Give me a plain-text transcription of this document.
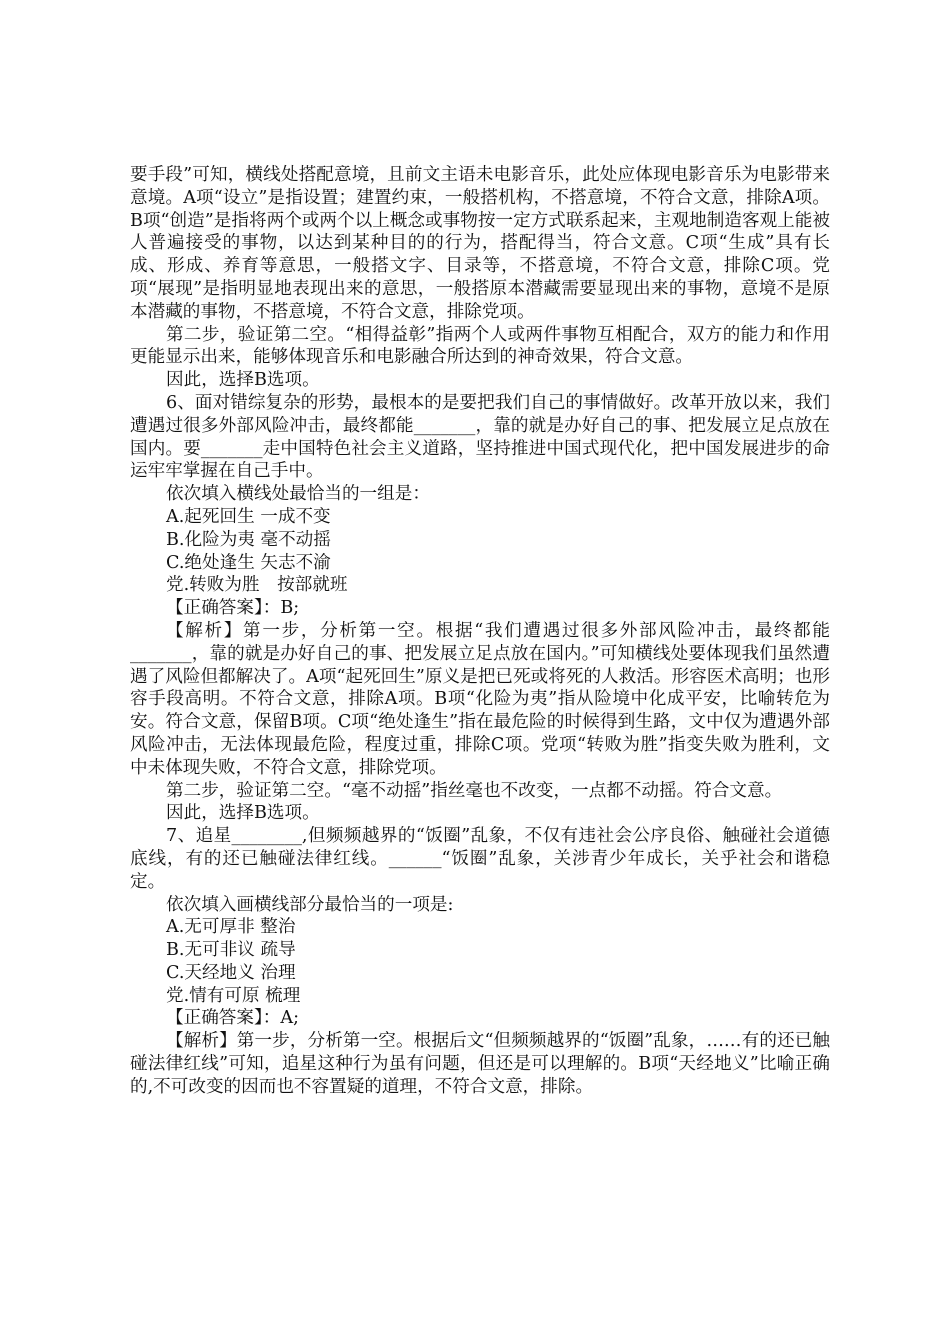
要手段”可知，横线处搭配意境，且前文主语未电影音乐，此处应体现电影音乐为电影带来意境。A项“设立”是指设置；建置约束，一般搭机构，不搭意境，不符合文意，排除A项。B项“创造”是指将两个或两个以上概念或事物按一定方式联系起来，主观地制造客观上能被人普遍接受的事物，以达到某种目的的行为，搭配得当，符合文意。C项“生成”具有长成、形成、养育等意思，一般搭文字、目录等，不搭意境，不符合文意，排除C项。党项“展现”是指明显地表现出来的意思，一般搭原本潜藏需要显现出来的事物，意境不是原本潜藏的事物，不搭意境，不符合文意，排除党项。

第二步，验证第二空。“相得益彰”指两个人或两件事物互相配合，双方的能力和作用更能显示出来，能够体现音乐和电影融合所达到的神奇效果，符合文意。

因此，选择B选项。

6、面对错综复杂的形势，最根本的是要把我们自己的事情做好。改革开放以来，我们遭遇过很多外部风险冲击，最终都能_______，靠的就是办好自己的事、把发展立足点放在国内。要_______走中国特色社会主义道路，坚持推进中国式现代化，把中国发展进步的命运牢牢掌握在自己手中。

依次填入横线处最恰当的一组是：

A.起死回生 一成不变

B.化险为夷 毫不动摇

C.绝处逢生 矢志不渝

党.转败为胜　按部就班

【正确答案】：B;

【解析】第一步，分析第一空。根据“我们遭遇过很多外部风险冲击，最终都能_______，靠的就是办好自己的事、把发展立足点放在国内。”可知横线处要体现我们虽然遭遇了风险但都解决了。A项“起死回生”原义是把已死或将死的人救活。形容医术高明；也形容手段高明。不符合文意，排除A项。B项“化险为夷”指从险境中化成平安，比喻转危为安。符合文意，保留B项。C项“绝处逢生”指在最危险的时候得到生路，文中仅为遭遇外部风险冲击，无法体现最危险，程度过重，排除C项。党项“转败为胜”指变失败为胜利，文中未体现失败，不符合文意，排除党项。

第二步，验证第二空。“毫不动摇”指丝毫也不改变，一点都不动摇。符合文意。

因此，选择B选项。

7、追星________,但频频越界的“饭圈”乱象，不仅有违社会公序良俗、触碰社会道德底线，有的还已触碰法律红线。______“饭圈”乱象，关涉青少年成长，关乎社会和谐稳定。

依次填入画横线部分最恰当的一项是:

A.无可厚非 整治

B.无可非议 疏导

C.天经地义 治理

党.情有可原 梳理

【正确答案】：A;

【解析】第一步，分析第一空。根据后文“但频频越界的“饭圈”乱象，……有的还已触碰法律红线”可知，追星这种行为虽有问题，但还是可以理解的。B项“天经地义”比喻正确的,不可改变的因而也不容置疑的道理，不符合文意，排除。
